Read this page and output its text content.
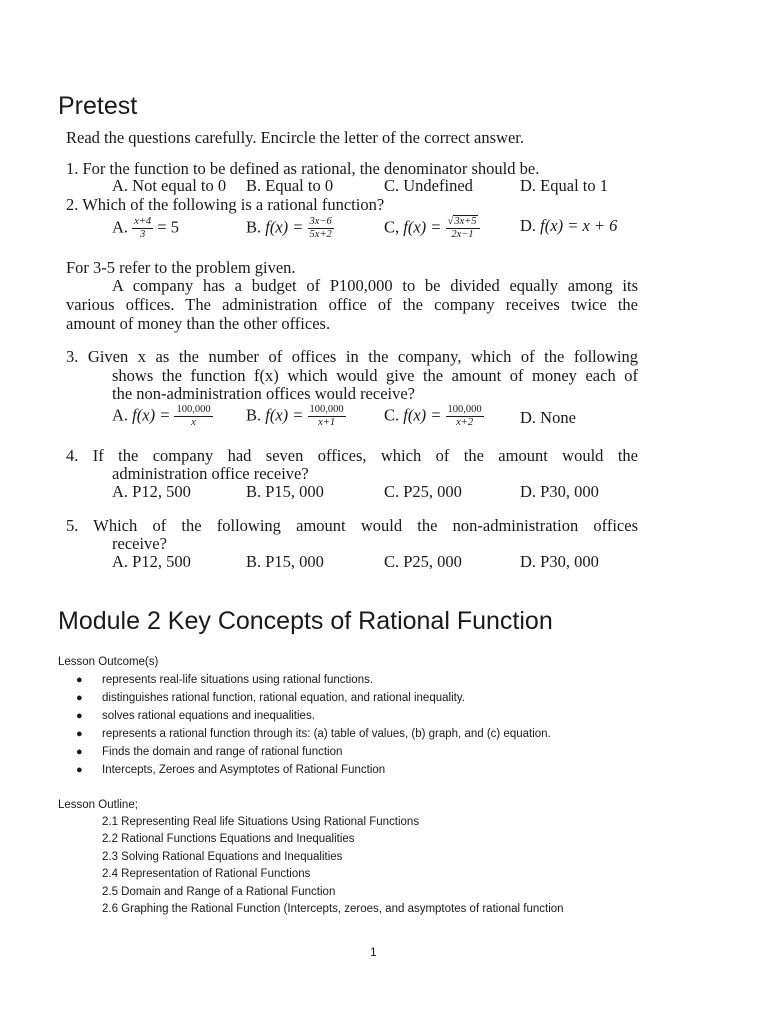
Pretest
Read the questions carefully. Encircle the letter of the correct answer.
1. For the function to be defined as rational, the denominator should be.
A. Not equal to 0 B. Equal to 0	C. Undefined	D. Equal to 1
2. Which of the following is a rational function?
A. $\frac{x+4}{3} = 5$	B. $f(x) = \frac{3x-6}{5x+2}$	C, $f(x) = \frac{√3x+5}{2x-1} D$. f(x) = x + 6
For 3-5 refer to the problem given.
A company has a budget of P100,000 to be divided equally among its
various offices. The administration office of the company receives twice the
amount of money than the other offices.
3. Given x as the number of offices in the company, which of the following
shows the function f(x) which would give the amount of money each of
the non-administration offices would receive?
A. $f(x) = \frac{100,000}{x} B$. $f(x) = \frac{100,000}{x+1} C$. $f(x) = \frac{100,000}{x+2} D$. None
4. If the company had seven offices, which of the amount would the
administration office receive?
A. P12, 500	B. P15, 000	C. P25, 000	D. P30, 000
5. Which of the following amount would the non-administration offices
receive?
A. P12, 500	B. P15, 000	C. P25, 000	D. P30, 000
Module 2 Key Concepts of Rational Function
Lesson Outcome(s)
● represents real-life situations using rational functions.
● distinguishes rational function, rational equation, and rational inequality.
● solves rational equations and inequalities.
● represents a rational function through its: (a) table of values, (b) graph, and (c) equation.
● Finds the domain and range of rational function
● Intercepts, Zeroes and Asymptotes of Rational Function
Lesson Outline;
2.1 Representing Real life Situations Using Rational Functions
2.2 Rational Functions Equations and Inequalities
2.3 Solving Rational Equations and Inequalities
2.4 Representation of Rational Functions
2.5 Domain and Range of a Rational Function
2.6 Graphing the Rational Function (Intercepts, zeroes, and asymptotes of rational function
1
